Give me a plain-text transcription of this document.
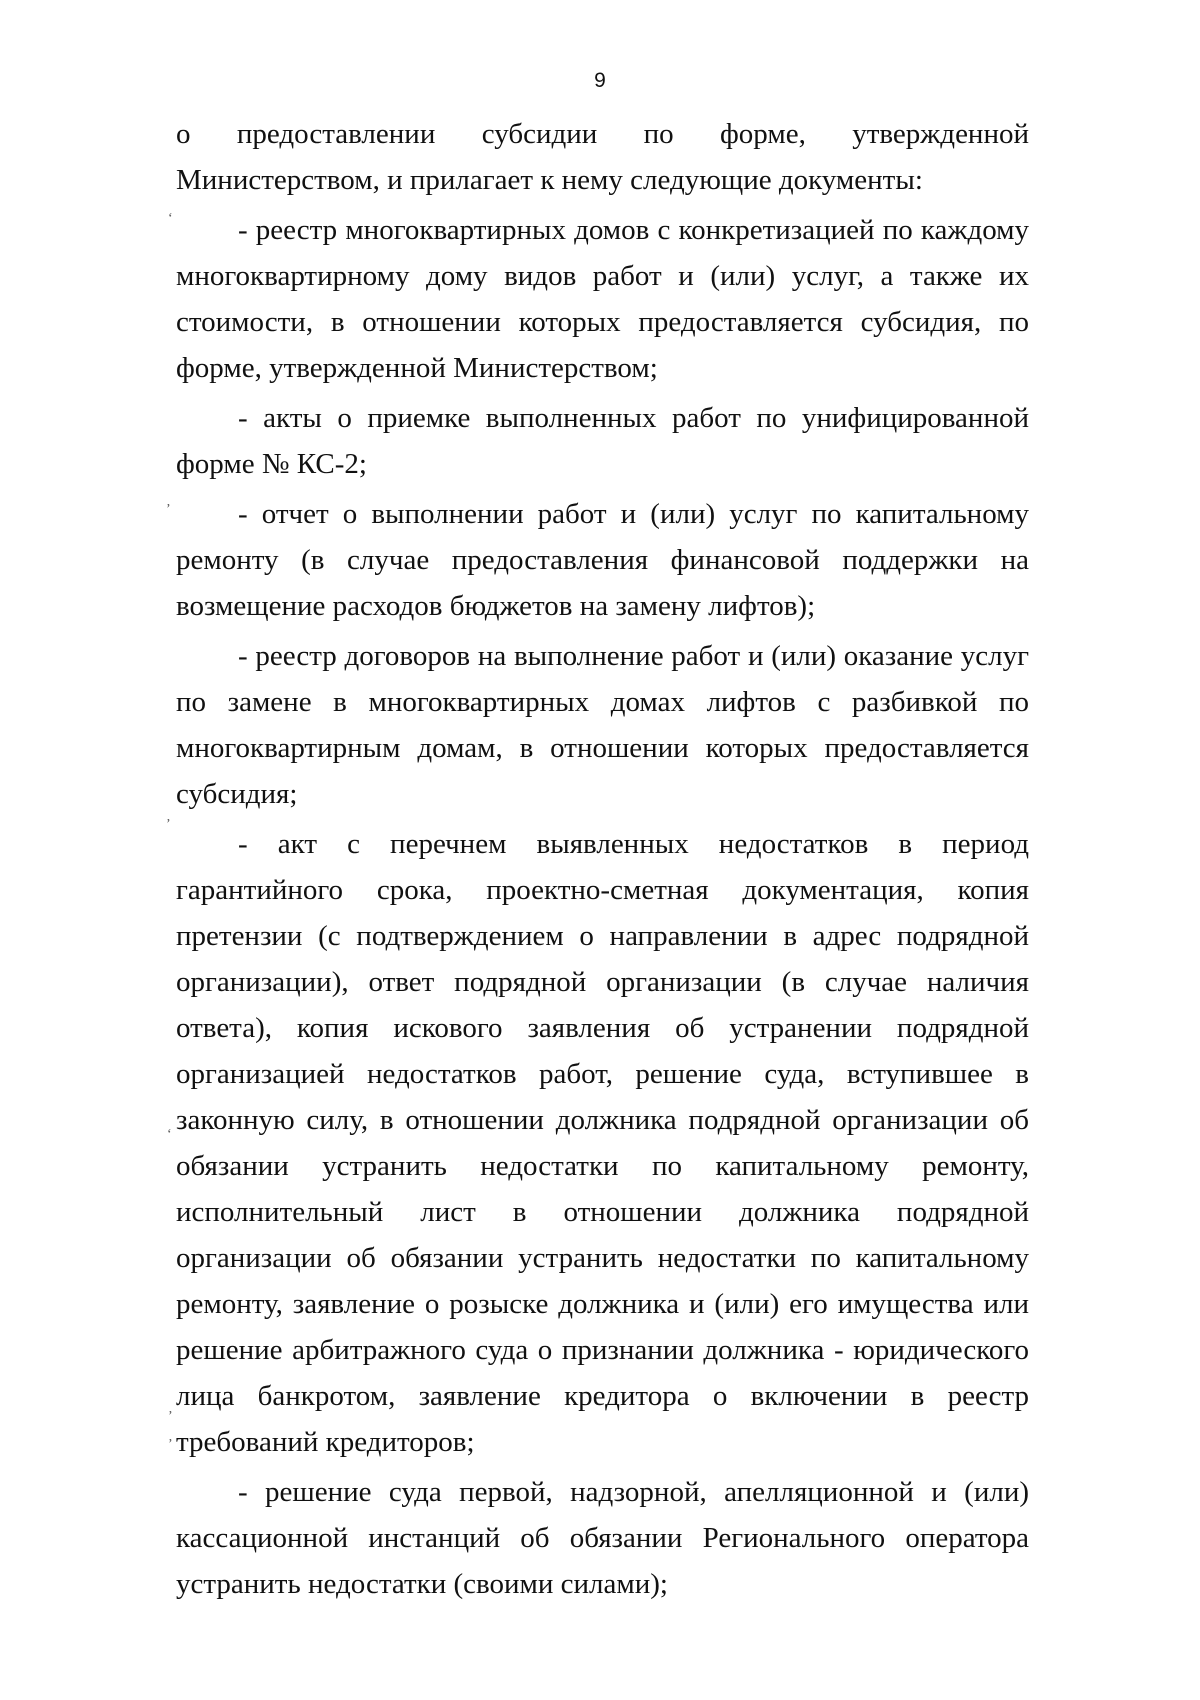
9

о предоставлении субсидии по форме, утвержденной Министерством, и прилагает к нему следующие документы:

- реестр многоквартирных домов с конкретизацией по каждому многоквартирному дому видов работ и (или) услуг, а также их стоимости, в отношении которых предоставляется субсидия, по форме, утвержденной Министерством;

- акты о приемке выполненных работ по унифицированной форме № КС-2;

- отчет о выполнении работ и (или) услуг по капитальному ремонту (в случае предоставления финансовой поддержки на возмещение расходов бюджетов на замену лифтов);

- реестр договоров на выполнение работ и (или) оказание услуг по замене в многоквартирных домах лифтов с разбивкой по многоквартирным домам, в отношении которых предоставляется субсидия;

- акт с перечнем выявленных недостатков в период гарантийного срока, проектно-сметная документация, копия претензии (с подтверждением о направлении в адрес подрядной организации), ответ подрядной организации (в случае наличия ответа), копия искового заявления об устранении подрядной организацией недостатков работ, решение суда, вступившее в законную силу, в отношении должника подрядной организации об обязании устранить недостатки по капитальному ремонту, исполнительный лист в отношении должника подрядной организации об обязании устранить недостатки по капитальному ремонту, заявление о розыске должника и (или) его имущества или решение арбитражного суда о признании должника - юридического лица банкротом, заявление кредитора о включении в реестр требований кредиторов;

- решение суда первой, надзорной, апелляционной и (или) кассационной инстанций об обязании Регионального оператора устранить недостатки (своими силами);

ʻ
ʼ
ʼ
ʻ
ʼ
ʼ
